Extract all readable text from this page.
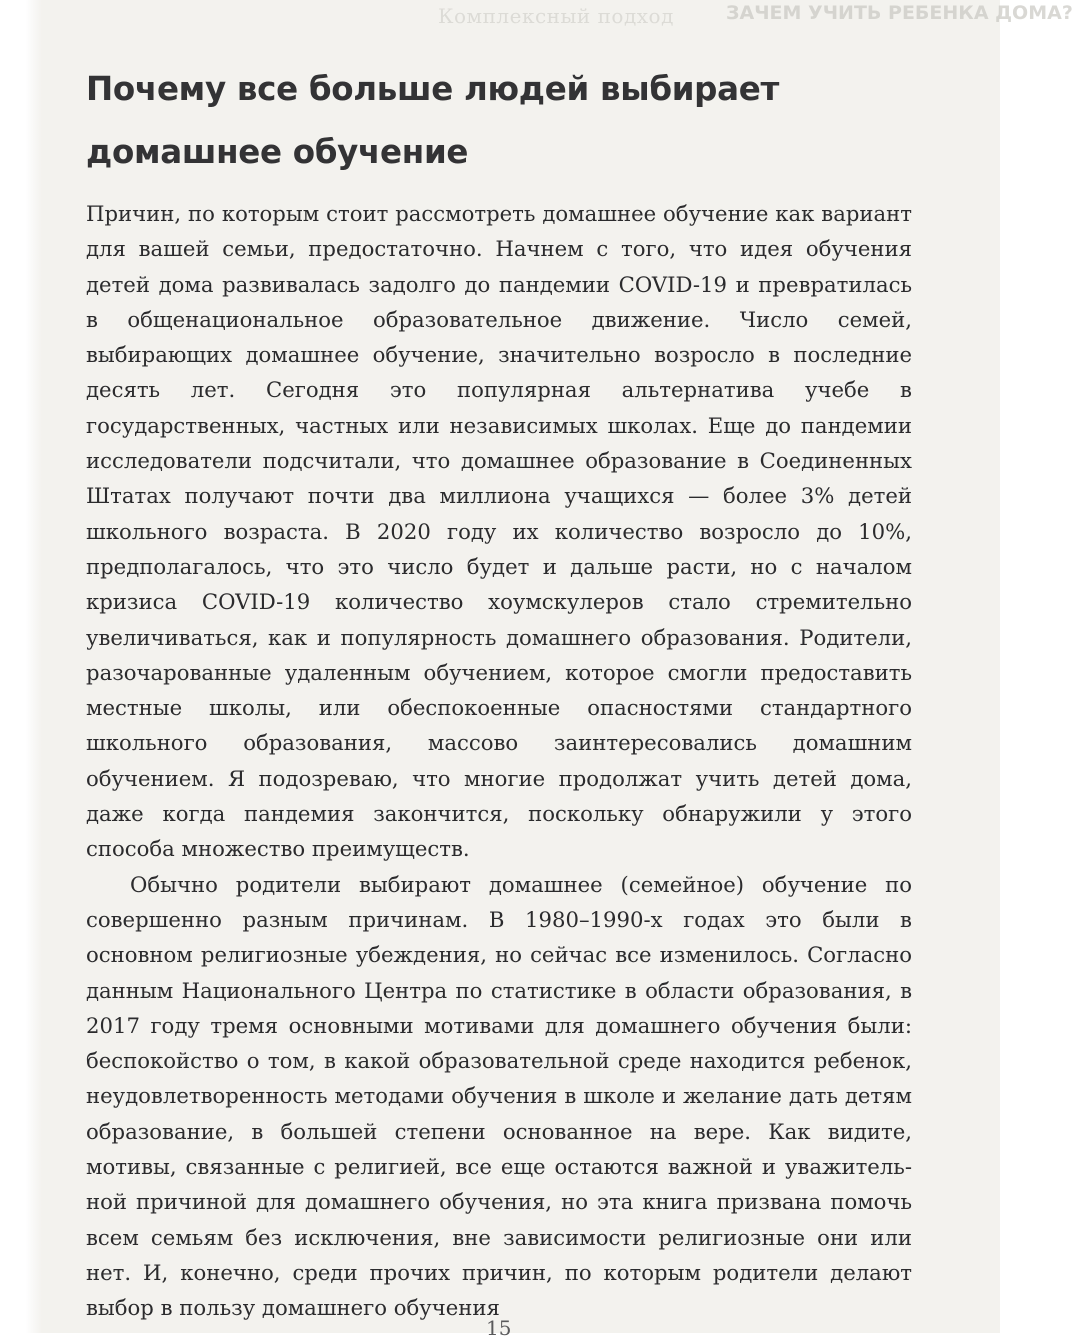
Комплексный подход	ЗАЧЕМ УЧИТЬ РЕБЕНКА ДОМА?
Почему все больше людей выбирает домашнее обучение

Причин, по которым стоит рассмотреть домашнее обучение как вариант для вашей семьи, предостаточно. Начнем с того, что идея обучения детей дома развивалась задолго до пандемии COVID-19 и превратилась в общенациональное образовательное движение. Число семей, выбирающих домашнее обучение, значительно возросло в последние десять лет. Сегодня это популярная альтернатива учебе в государственных, частных или независимых школах. Еще до пандемии исследователи подсчитали, что домашнее образование в Соединенных Штатах получают почти два миллиона учащихся — более 3% детей школьного возраста. В 2020 году их количество возросло до 10%, предполагалось, что это число будет и дальше расти, но с началом кризиса COVID-19 количество хоумскулеров стало стремительно увеличиваться, как и популярность домашнего образования. Родители, разочарованные удаленным обучением, которое смогли предоставить местные школы, или обеспокоенные опасностями стандартного школьного образования, массово заинтересовались домашним обучением. Я подозреваю, что многие продолжат учить детей дома, даже когда пандемия закончится, поскольку обнаружили у этого способа множество преимуществ.

Обычно родители выбирают домашнее (семейное) обучение по совершенно разным причинам. В 1980–1990-х годах это были в основном религиозные убеждения, но сейчас все изменилось. Согласно данным Национального Центра по статистике в области образования, в 2017 году тремя основными мотивами для домашнего обучения были: беспокойство о том, в какой образовательной среде находится ребенок, неудовлетворенность методами обучения в школе и желание дать детям образование, в большей степени основанное на вере. Как видите, мотивы, связанные с религией, все еще остаются важной и уважительной причиной для домашнего обучения, но эта книга призвана помочь всем семьям без исключения, вне зависимости религиозные они или нет. И, конечно, среди прочих причин, по которым родители делают выбор в пользу домашнего обучения

15
